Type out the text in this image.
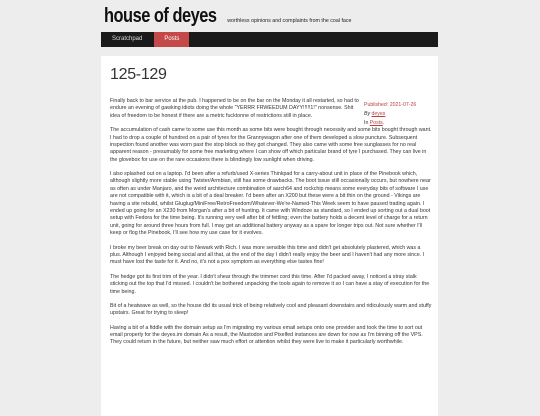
house of deyes worthless opinions and complaints from the coal face
Scratchpad	Posts
125-129
Published: 2021-07-26
By deyes
In Posts.

Finally back to bar service at the pub. I happened to be on the bar on the Monday it all restarted, so had to endure an evening of gawking idiots doing the whole "YERRR FRWEEDUM DAYY!!!!!1!" nonsense. Shit idea of freedom to be honest if there are a metric fucktonne of restrictions still in place.

The accumulation of cash came to some use this month as some bits were bought through necessity and some bits bought through want. I had to drop a couple of hundred on a pair of tyres for the Grannywagon after one of them developed a slow puncture. Subsequent inspection found another was worn past the stop block so they got changed. They also came with some free sunglasses for no real apparent reason - presumably for some free marketing where I can show off which particular brand of tyre I purchased. They can live in the glovebox for use on the rare occasions there is blindingly low sunlight when driving.

I also splashed out on a laptop. I'd been after a refurb/used X-series Thinkpad for a carry-about unit in place of the Pinebook which, although slightly more stable using Twister/Armbian, still has some drawbacks. The boot issue still occasionally occurs, but nowhere near as often as under Manjaro, and the weird architecture combination of aarch64 and rockchip means some everyday bits of software I use are not compatible with it, which is a bit of a deal breaker. I'd been after an X200 but these were a bit thin on the ground - Vikings are having a site rebuild, whilst Gluglug/MiniFree/RetroFreedom/Whatever-We're-Named-This Week seem to have paused trading again. I ended up going for an X230 from Morgan's after a bit of hunting. It came with Windoze as standard, so I ended up sorting out a dual boot setup with Fedora for the time being. It's running very well after bit of fettling; even the battery holds a decent level of charge for a return unit, going for around three hours from full. I may get an additional battery anyway as a spare for longer trips out. Not sure whether I'll keep or flog the Pinebook, I'll see how my use case for it evolves.

I broke my beer break on day out to Newark with Rich. I was more sensible this time and didn't get absolutely plastered, which was a plus. Although I enjoyed being social and all that, at the end of the day I didn't really enjoy the beer and I haven't had any more since. I must have lost the taste for it. And no, it's not a pox symptom as everything else tastes fine!

The hedge got its first trim of the year. I didn't shear through the trimmer cord this time. After I'd packed away, I noticed a stray stalk sticking out the top that I'd missed. I couldn't be bothered unpacking the tools again to remove it so I can have a stay of execution for the time being.

Bit of a heatwave as well, so the house did its usual trick of being relatively cool and pleasant downstairs and ridiculously warm and stuffy upstairs. Great for trying to sleep!

Having a bit of a fiddle with the domain setup as I'm migrating my various email setups onto one provider and took the time to sort out email properly for the deyes.im domain As a result, the Mastodon and Pixelfed instances are down for now as I'm binning off the VPS. They could return in the future, but neither saw much effort or attention whilst they were live to make it particularly worthwhile.
